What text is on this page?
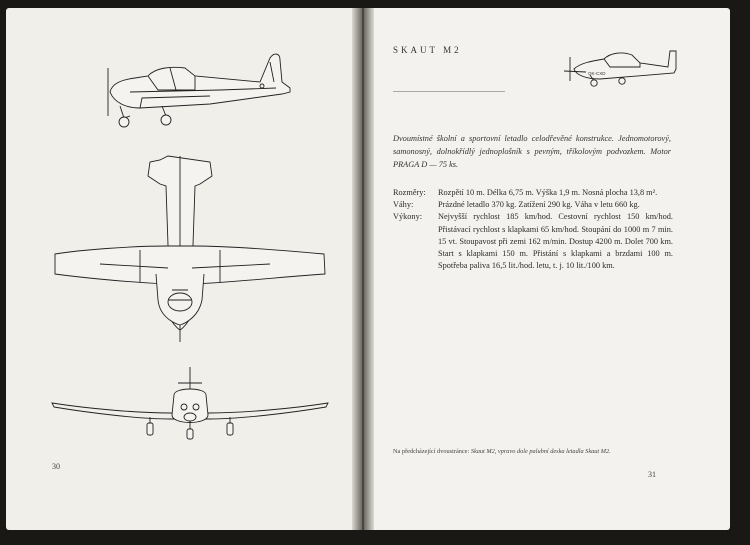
OK-CXD
30
SKAUT M2
Dvoumístné školní a sportovní letadlo celodřevěné konstrukce. Jednomotorový, samonosný, dolnokřídlý jednoplošník s pevným, tříkolovým podvozkem. Motor PRAGA D — 75 ks.
Rozměry:	Rozpětí 10 m. Délka 6,75 m. Výška 1,9 m. Nosná plocha 13,8 m².
Váhy:	Prázdné letadlo 370 kg. Zatížení 290 kg. Váha v letu 660 kg.
Výkony:	Nejvyšší rychlost 185 km/hod. Cestovní rychlost 150 km/hod. Přistávací rychlost s klapkami 65 km/hod. Stoupání do 1000 m 7 min. 15 vt. Stoupavost při zemi 162 m/min. Dostup 4200 m. Dolet 700 km. Start s klapkami 150 m. Přistání s klapkami a brzdami 100 m. Spotřeba paliva 16,5 lit./hod. letu, t. j. 10 lit./100 km.
Na předcházející dvoustránce: Skaut M2, vpravo dole palubní deska letadla Skaut M2.
31
